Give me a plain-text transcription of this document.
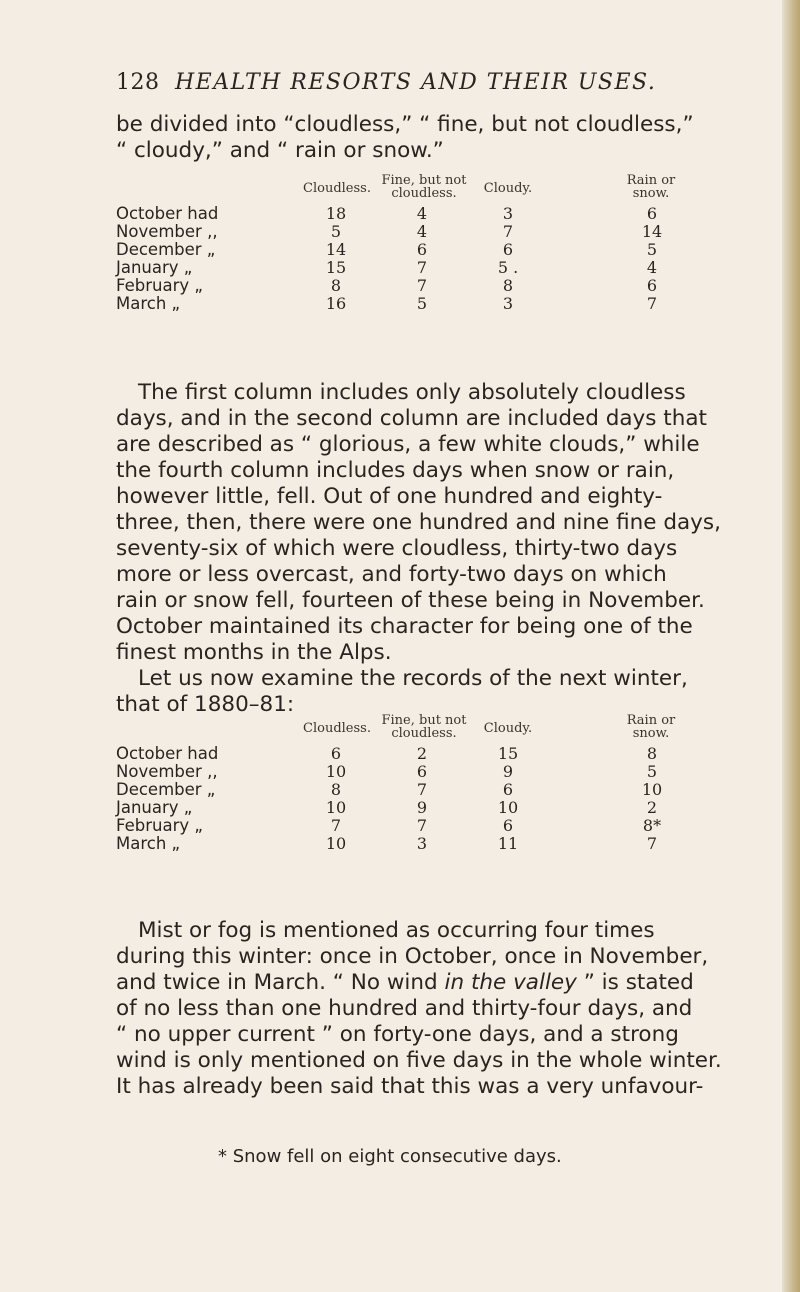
128 HEALTH RESORTS AND THEIR USES.

be divided into “cloudless,” “ fine, but not cloudless,”
“ cloudy,” and “ rain or snow.”

Cloudless.
Fine, but not
cloudless.	Cloudy.
Rain or
snow.
October had	18	4	3	6
November ,,	5	4	7	14
December „	14	6	6	5
January „	15	7	5 .	4
February „	8	7	8	6
March „	16	5	3	7

The first column includes only absolutely cloudless
days, and in the second column are included days that
are described as “ glorious, a few white clouds,” while
the fourth column includes days when snow or rain,
however little, fell. Out of one hundred and eighty-
three, then, there were one hundred and nine fine days,
seventy-six of which were cloudless, thirty-two days
more or less overcast, and forty-two days on which
rain or snow fell, fourteen of these being in November.
October maintained its character for being one of the
finest months in the Alps.

Let us now examine the records of the next winter,
that of 1880–81:

Cloudless.
Fine, but not
cloudless.	Cloudy.
Rain or
snow.
October had	6	2	15	8
November ,,	10	6	9	5
December „	8	7	6	10
January „	10	9	10	2
February „	7	7	6	8*
March „	10	3	11	7

Mist or fog is mentioned as occurring four times
during this winter: once in October, once in November,
and twice in March. “ No wind in the valley ” is stated
of no less than one hundred and thirty-four days, and
“ no upper current ” on forty-one days, and a strong
wind is only mentioned on five days in the whole winter.
It has already been said that this was a very unfavour-

* Snow fell on eight consecutive days.
